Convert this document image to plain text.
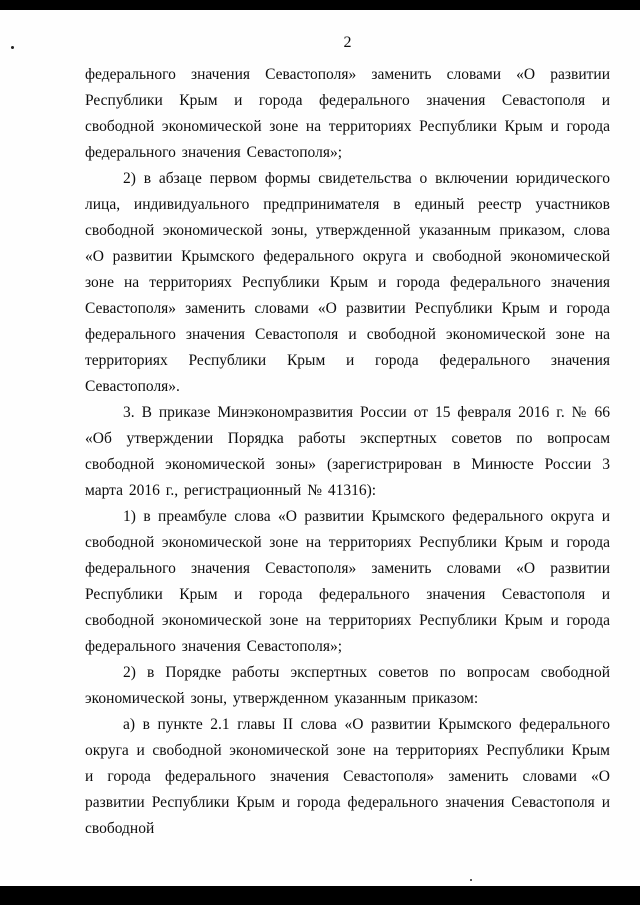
2

федерального значения Севастополя» заменить словами «О развитии Республики Крым и города федерального значения Севастополя и свободной экономической зоне на территориях Республики Крым и города федерального значения Севастополя»;

2) в абзаце первом формы свидетельства о включении юридического лица, индивидуального предпринимателя в единый реестр участников свободной экономической зоны, утвержденной указанным приказом, слова «О развитии Крымского федерального округа и свободной экономической зоне на территориях Республики Крым и города федерального значения Севастополя» заменить словами «О развитии Республики Крым и города федерального значения Севастополя и свободной экономической зоне на территориях Республики Крым и города федерального значения Севастополя».

3. В приказе Минэкономразвития России от 15 февраля 2016 г. № 66 «Об утверждении Порядка работы экспертных советов по вопросам свободной экономической зоны» (зарегистрирован в Минюсте России 3 марта 2016 г., регистрационный № 41316):

1) в преамбуле слова «О развитии Крымского федерального округа и свободной экономической зоне на территориях Республики Крым и города федерального значения Севастополя» заменить словами «О развитии Республики Крым и города федерального значения Севастополя и свободной экономической зоне на территориях Республики Крым и города федерального значения Севастополя»;

2) в Порядке работы экспертных советов по вопросам свободной экономической зоны, утвержденном указанным приказом:

а) в пункте 2.1 главы II слова «О развитии Крымского федерального округа и свободной экономической зоне на территориях Республики Крым и города федерального значения Севастополя» заменить словами «О развитии Республики Крым и города федерального значения Севастополя и свободной
